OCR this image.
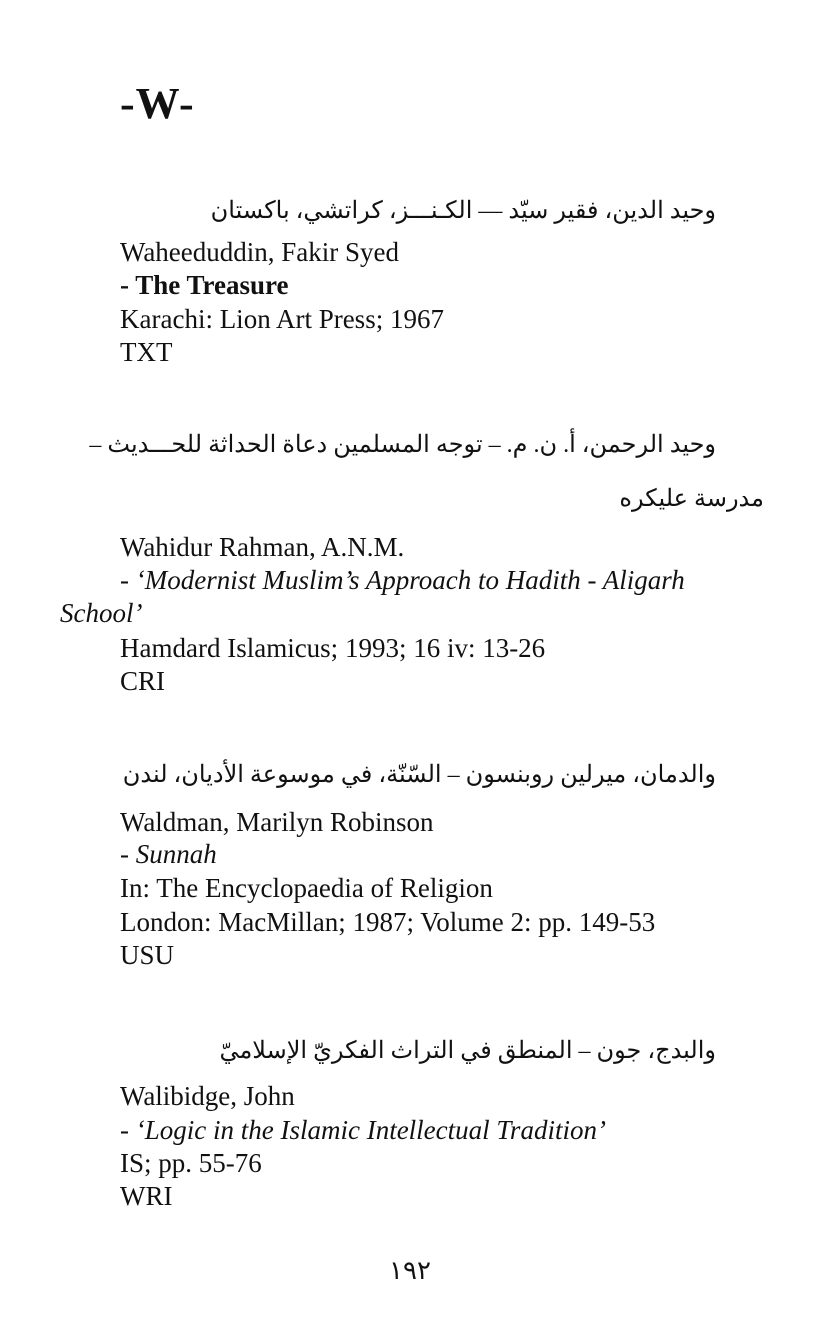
-W-
وحيد الدين، فقير سيّد — الكـنـــز، كراتشي، باكستان
Waheeduddin, Fakir Syed
- The Treasure
Karachi: Lion Art Press; 1967
TXT
وحيد الرحمن، أ. ن. م. – توجه المسلمين دعاة الحداثة للحـــديث –
مدرسة عليكره
Wahidur Rahman, A.N.M.
- ‘Modernist Muslim’s Approach to Hadith - Aligarh
School’
Hamdard Islamicus; 1993; 16 iv: 13-26
CRI
والدمان، ميرلين روبنسون – السّنّة، في موسوعة الأديان، لندن
Waldman, Marilyn Robinson
- Sunnah
In: The Encyclopaedia of Religion
London: MacMillan; 1987; Volume 2: pp. 149-53
USU
والبدج، جون – المنطق في التراث الفكريّ الإسلاميّ
Walibidge, John
- ‘Logic in the Islamic Intellectual Tradition’
IS; pp. 55-76
WRI
١٩٢
